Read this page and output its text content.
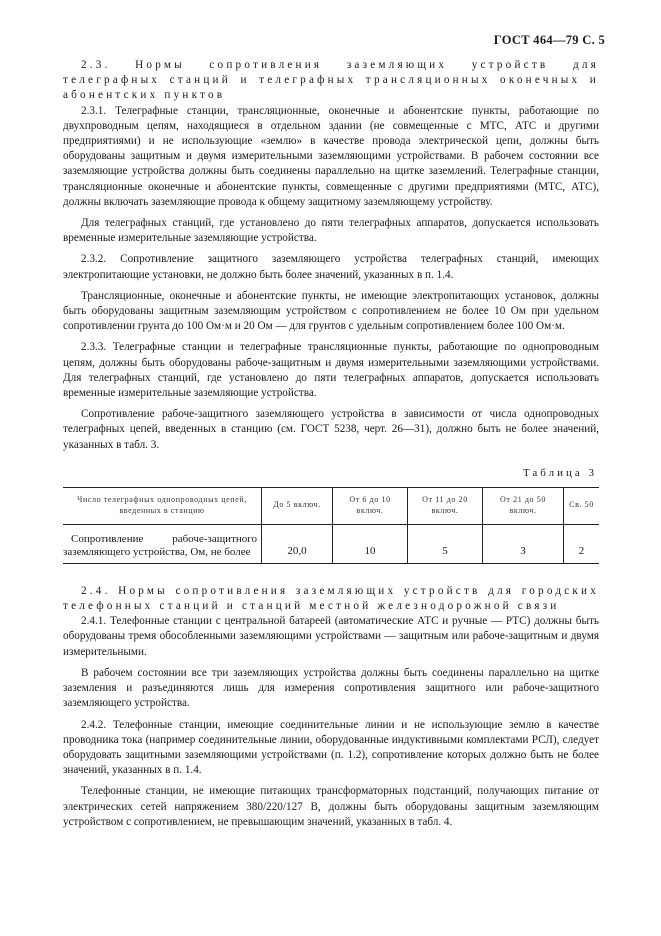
ГОСТ 464—79 С. 5

2.3. Нормы сопротивления заземляющих устройств для телеграфных станций и телеграфных трансляционных оконечных и абонентских пунктов

2.3.1. Телеграфные станции, трансляционные, оконечные и абонентские пункты, работающие по двухпроводным цепям, находящиеся в отдельном здании (не совмещенные с МТС, АТС и другими предприятиями) и не использующие «землю» в качестве провода электрической цепи, должны быть оборудованы защитным и двумя измерительными заземляющими устройствами. В рабочем состоянии все заземляющие устройства должны быть соединены параллельно на щитке заземлений. Телеграфные станции, трансляционные оконечные и абонентские пункты, совмещенные с другими предприятиями (МТС, АТС), должны включать заземляющие провода к общему защитному заземляющему устройству.

Для телеграфных станций, где установлено до пяти телеграфных аппаратов, допускается использовать временные измерительные заземляющие устройства.

2.3.2. Сопротивление защитного заземляющего устройства телеграфных станций, имеющих электропитающие установки, не должно быть более значений, указанных в п. 1.4.

Трансляционные, оконечные и абонентские пункты, не имеющие электропитающих установок, должны быть оборудованы защитным заземляющим устройством с сопротивлением не более 10 Ом при удельном сопротивлении грунта до 100 Ом·м и 20 Ом — для грунтов с удельным сопротивлением более 100 Ом·м.

2.3.3. Телеграфные станции и телеграфные трансляционные пункты, работающие по однопроводным цепям, должны быть оборудованы рабоче-защитным и двумя измерительными заземляющими устройствами. Для телеграфных станций, где установлено до пяти телеграфных аппаратов, допускается использовать временные измерительные заземляющие устройства.

Сопротивление рабоче-защитного заземляющего устройства в зависимости от числа однопроводных телеграфных цепей, введенных в станцию (см. ГОСТ 5238, черт. 26—31), должно быть не более значений, указанных в табл. 3.

Таблица 3
Число телеграфных однопроводных цепей, введенных в станцию	До 5 включ.	От 6 до 10 включ.	От 11 до 20 включ.	От 21 до 50 включ.	Св. 50
Сопротивление рабоче-защитного заземляющего устройства, Ом, не более	20,0	10	5	3	2

2.4. Нормы сопротивления заземляющих устройств для городских телефонных станций и станций местной железнодорожной связи

2.4.1. Телефонные станции с центральной батареей (автоматические АТС и ручные — РТС) должны быть оборудованы тремя обособленными заземляющими устройствами — защитным или рабоче-защитным и двумя измерительными.

В рабочем состоянии все три заземляющих устройства должны быть соединены параллельно на щитке заземления и разъединяются лишь для измерения сопротивления защитного или рабоче-защитного заземляющего устройства.

2.4.2. Телефонные станции, имеющие соединительные линии и не использующие землю в качестве проводника тока (например соединительные линии, оборудованные индуктивными комплектами РСЛ), следует оборудовать защитными заземляющими устройствами (п. 1.2), сопротивление которых должно быть не более значений, указанных в п. 1.4.

Телефонные станции, не имеющие питающих трансформаторных подстанций, получающих питание от электрических сетей напряжением 380/220/127 В, должны быть оборудованы защитным заземляющим устройством с сопротивлением, не превышающим значений, указанных в табл. 4.
